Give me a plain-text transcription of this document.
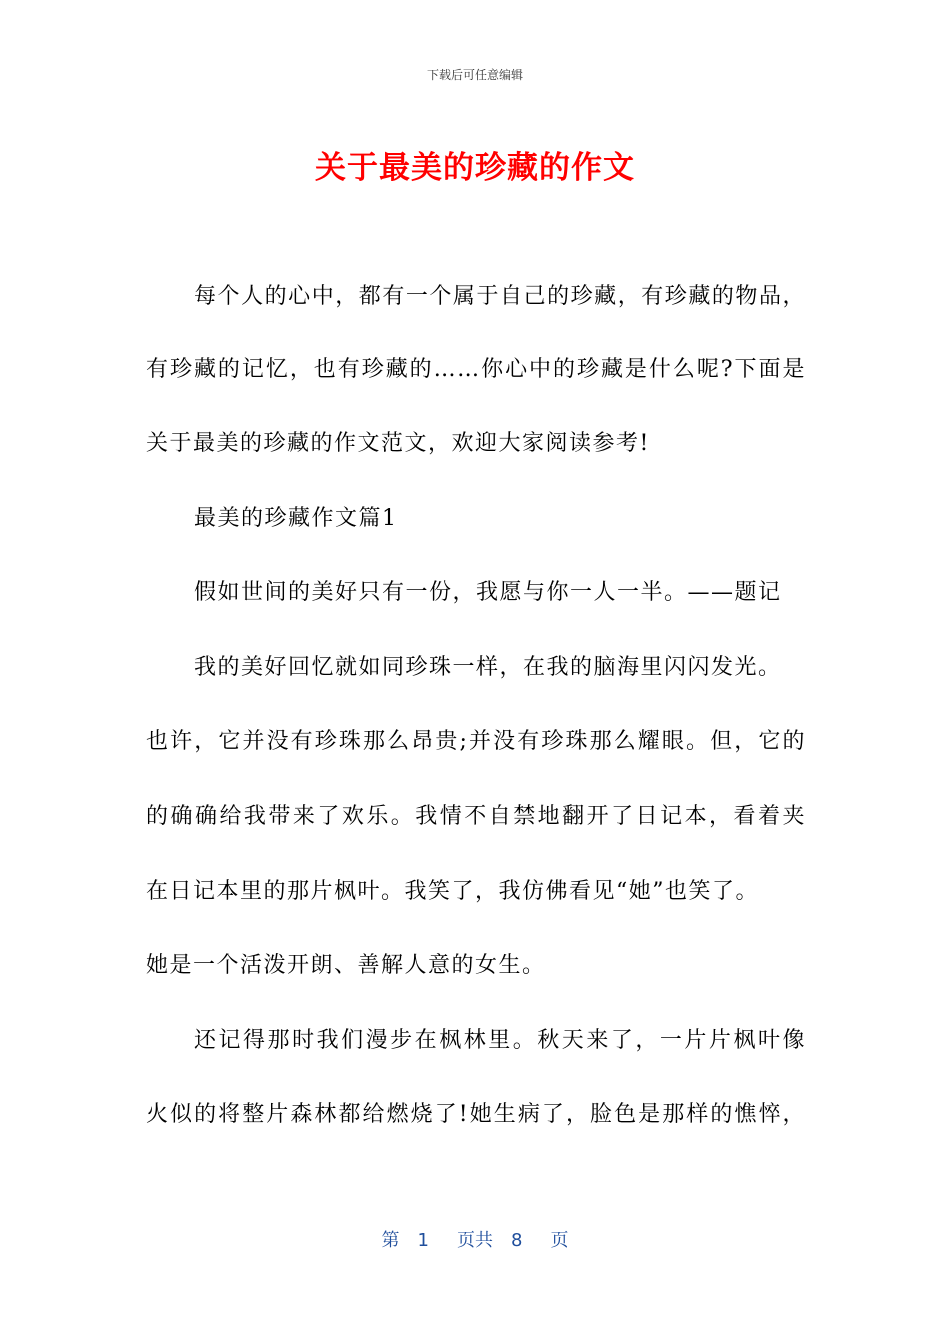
下载后可任意编辑
关于最美的珍藏的作文
每个人的心中，都有一个属于自己的珍藏，有珍藏的物品，
有珍藏的记忆，也有珍藏的……你心中的珍藏是什么呢?下面是
关于最美的珍藏的作文范文，欢迎大家阅读参考!
最美的珍藏作文篇1
假如世间的美好只有一份，我愿与你一人一半。——题记
我的美好回忆就如同珍珠一样，在我的脑海里闪闪发光。
也许，它并没有珍珠那么昂贵;并没有珍珠那么耀眼。但，它的
的确确给我带来了欢乐。我情不自禁地翻开了日记本，看着夹
在日记本里的那片枫叶。我笑了，我仿佛看见“她”也笑了。
她是一个活泼开朗、善解人意的女生。
还记得那时我们漫步在枫林里。秋天来了，一片片枫叶像
火似的将整片森林都给燃烧了!她生病了，脸色是那样的憔悴，
第 1 页共 8 页
